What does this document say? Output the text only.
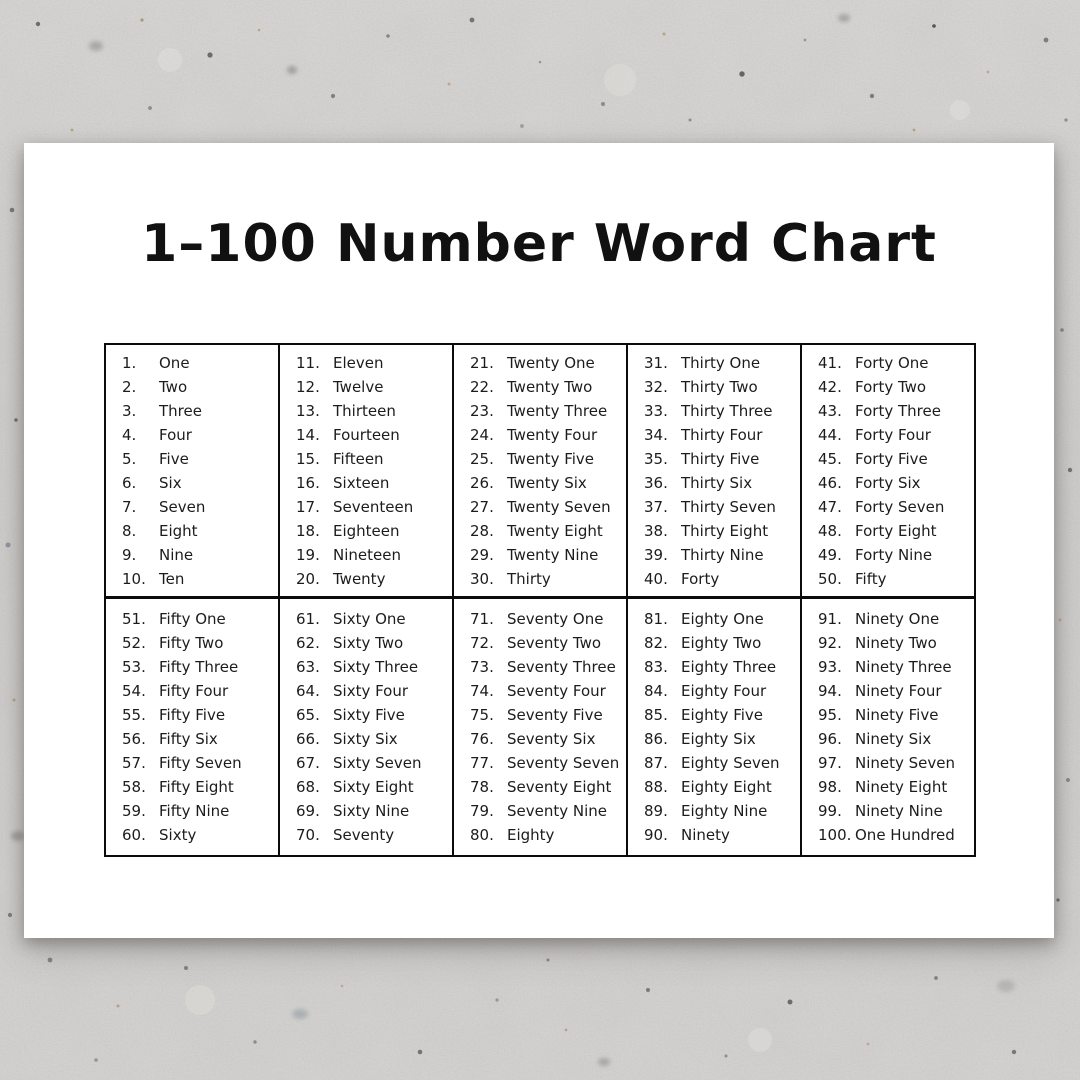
1–100 Number Word Chart
1.	One
2.	Two
3.	Three
4.	Four
5.	Five
6.	Six
7.	Seven
8.	Eight
9.	Nine
10. Ten
11. Eleven
12. Twelve
13. Thirteen
14. Fourteen
15. Fifteen
16. Sixteen
17. Seventeen
18. Eighteen
19. Nineteen
20. Twenty
21. Twenty One
22. Twenty Two
23. Twenty Three
24. Twenty Four
25. Twenty Five
26. Twenty Six
27. Twenty Seven
28. Twenty Eight
29. Twenty Nine
30. Thirty
31. Thirty One
32. Thirty Two
33. Thirty Three
34. Thirty Four
35. Thirty Five
36. Thirty Six
37. Thirty Seven
38. Thirty Eight
39. Thirty Nine
40. Forty
41. Forty One
42. Forty Two
43. Forty Three
44. Forty Four
45. Forty Five
46. Forty Six
47. Forty Seven
48. Forty Eight
49. Forty Nine
50. Fifty
51. Fifty One
52. Fifty Two
53. Fifty Three
54. Fifty Four
55. Fifty Five
56. Fifty Six
57. Fifty Seven
58. Fifty Eight
59. Fifty Nine
60. Sixty
61. Sixty One
62. Sixty Two
63. Sixty Three
64. Sixty Four
65. Sixty Five
66. Sixty Six
67. Sixty Seven
68. Sixty Eight
69. Sixty Nine
70. Seventy
71. Seventy One
72. Seventy Two
73. Seventy Three
74. Seventy Four
75. Seventy Five
76. Seventy Six
77. Seventy Seven
78. Seventy Eight
79. Seventy Nine
80. Eighty
81. Eighty One
82. Eighty Two
83. Eighty Three
84. Eighty Four
85. Eighty Five
86. Eighty Six
87. Eighty Seven
88. Eighty Eight
89. Eighty Nine
90. Ninety
91. Ninety One
92. Ninety Two
93. Ninety Three
94. Ninety Four
95. Ninety Five
96. Ninety Six
97. Ninety Seven
98. Ninety Eight
99. Ninety Nine
100. One Hundred
